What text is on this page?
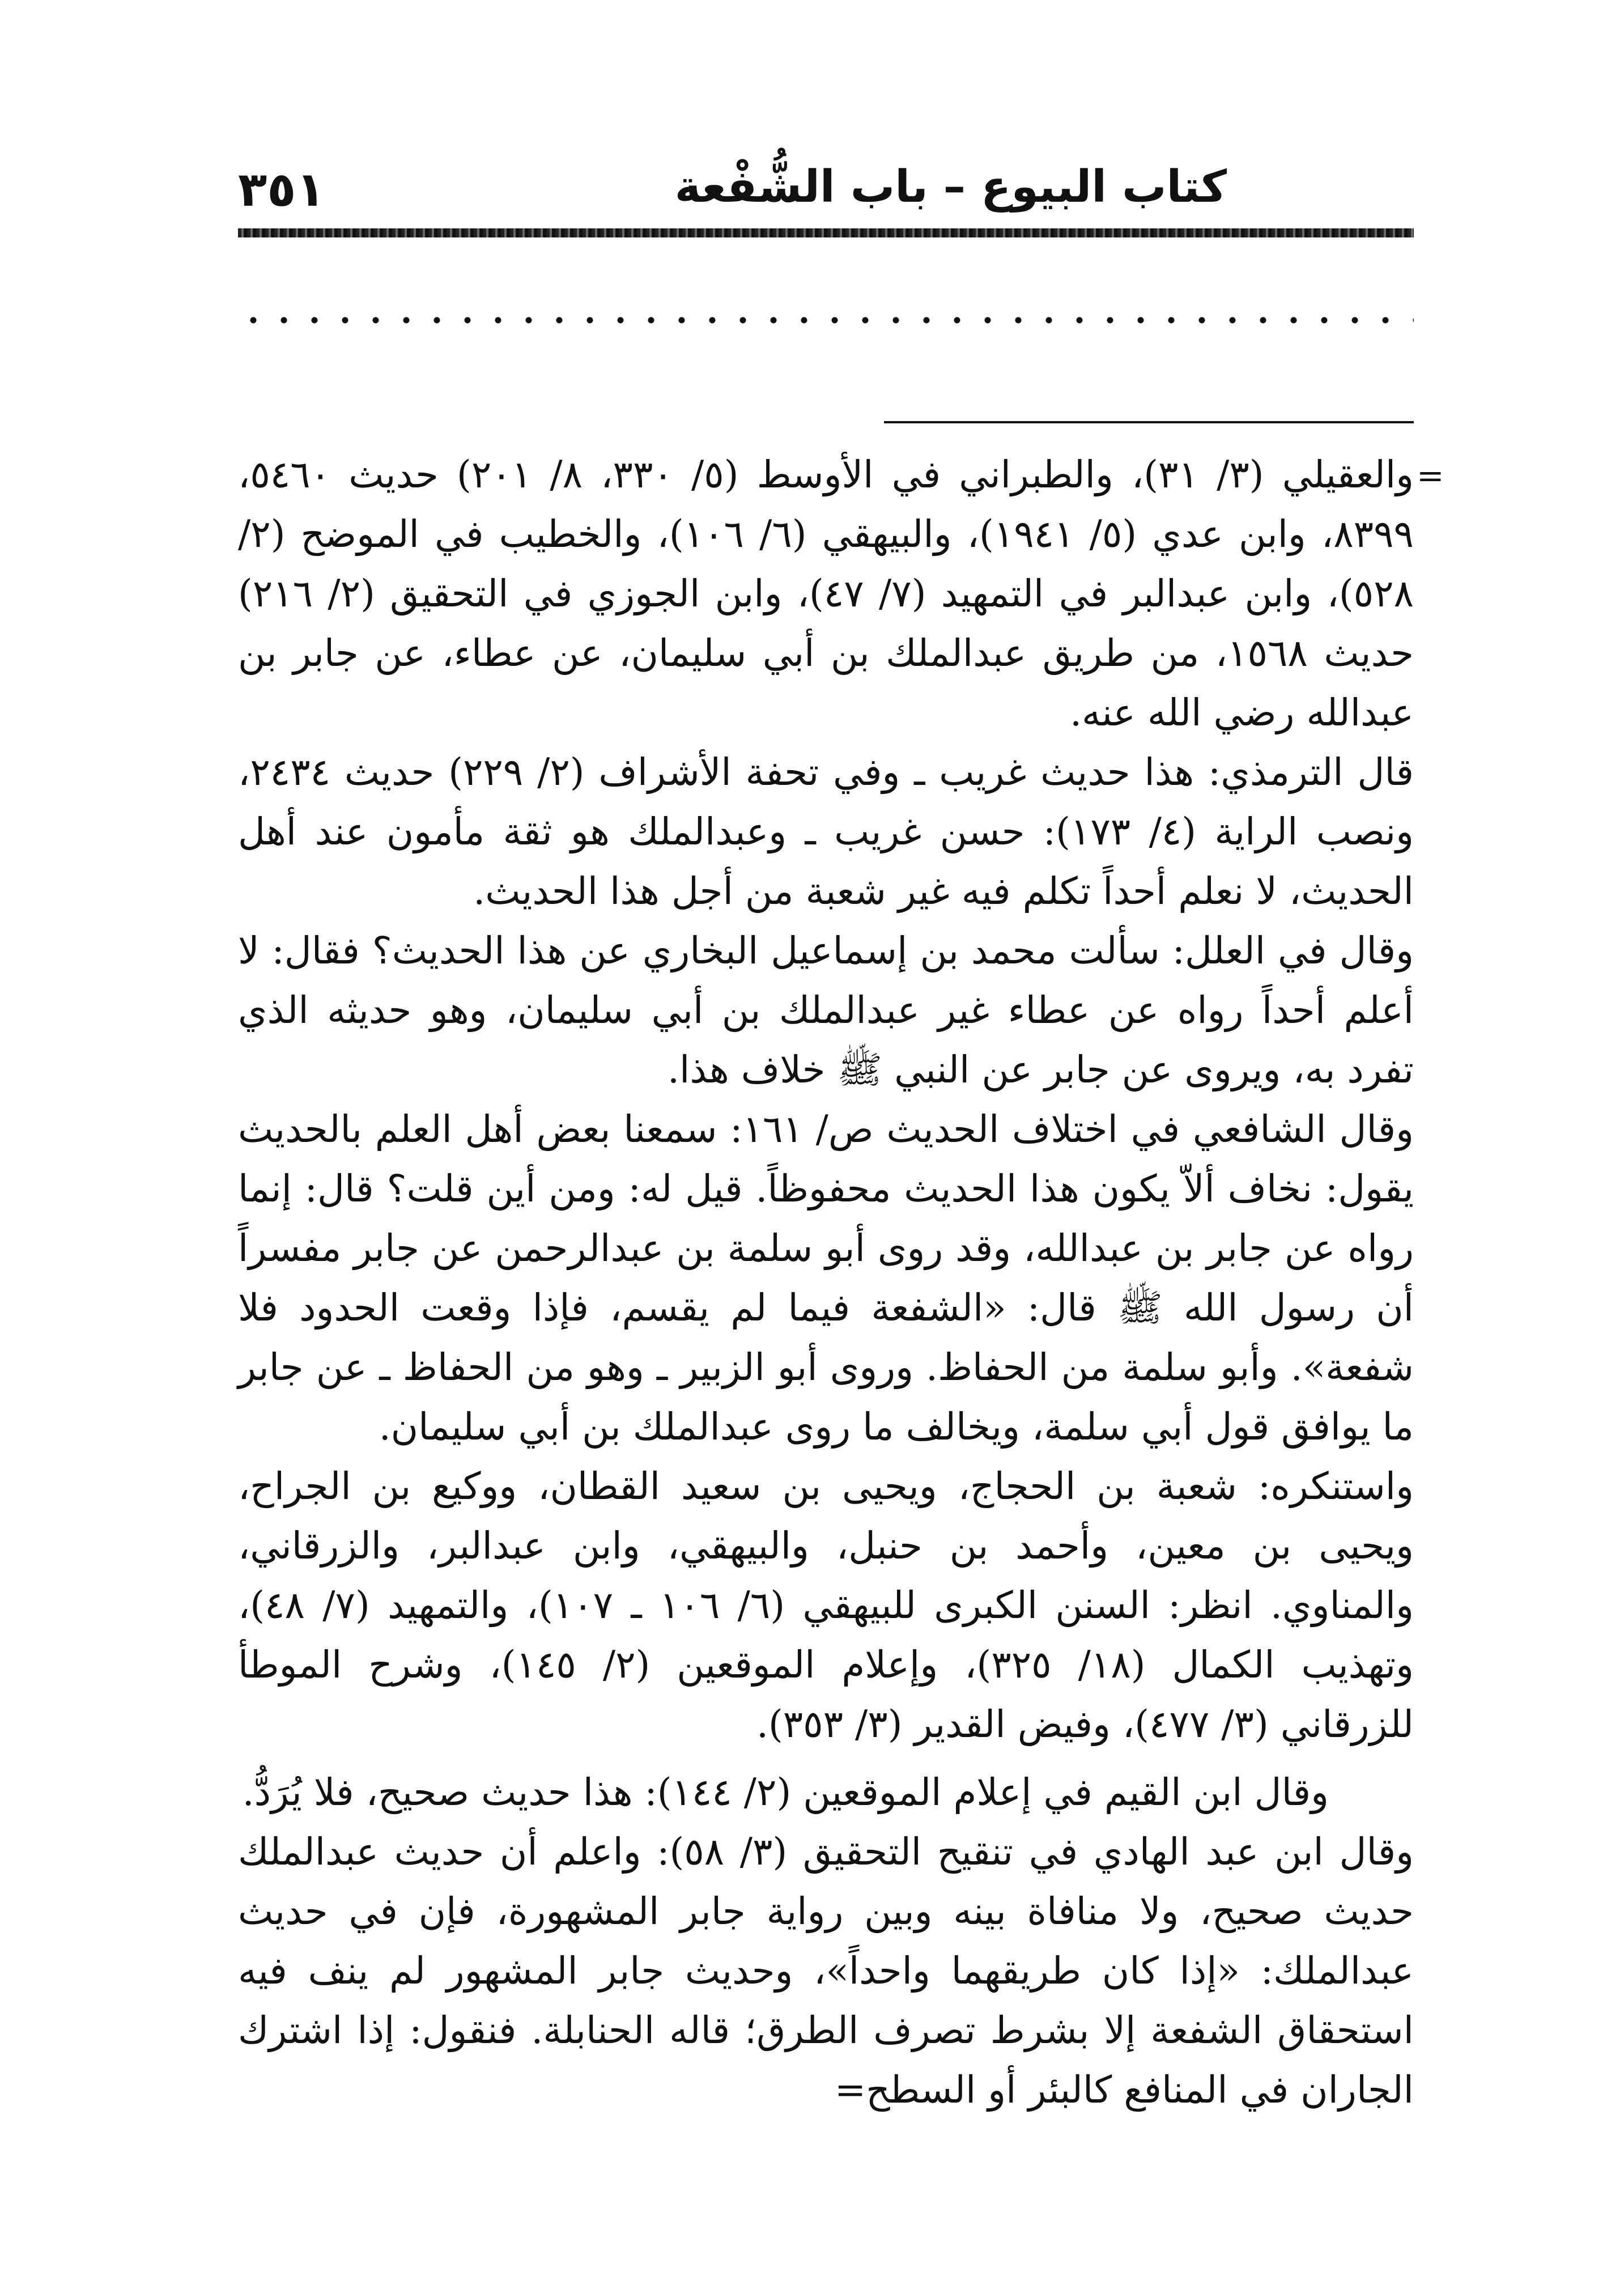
٣٥١	كتاب البيوع – باب الشُّفْعة
=

والعقيلي (٣/ ٣١)، والطبراني في الأوسط (٥/ ٣٣٠، ٨/ ٢٠١) حديث ٥٤٦٠، ٨٣٩٩، وابن عدي (٥/ ١٩٤١)، والبيهقي (٦/ ١٠٦)، والخطيب في الموضح (٢/ ٥٢٨)، وابن عبدالبر في التمهيد (٧/ ٤٧)، وابن الجوزي في التحقيق (٢/ ٢١٦) حديث ١٥٦٨، من طريق عبدالملك بن أبي سليمان، عن عطاء، عن جابر بن عبدالله رضي الله عنه.

قال الترمذي: هذا حديث غريب ـ وفي تحفة الأشراف (٢/ ٢٢٩) حديث ٢٤٣٤، ونصب الراية (٤/ ١٧٣): حسن غريب ـ وعبدالملك هو ثقة مأمون عند أهل الحديث، لا نعلم أحداً تكلم فيه غير شعبة من أجل هذا الحديث.

وقال في العلل: سألت محمد بن إسماعيل البخاري عن هذا الحديث؟ فقال: لا أعلم أحداً رواه عن عطاء غير عبدالملك بن أبي سليمان، وهو حديثه الذي تفرد به، ويروى عن جابر عن النبي ﷺ خلاف هذا.

وقال الشافعي في اختلاف الحديث ص/ ١٦١: سمعنا بعض أهل العلم بالحديث يقول: نخاف ألاّ يكون هذا الحديث محفوظاً. قيل له: ومن أين قلت؟ قال: إنما رواه عن جابر بن عبدالله، وقد روى أبو سلمة بن عبدالرحمن عن جابر مفسراً أن رسول الله ﷺ قال: «الشفعة فيما لم يقسم، فإذا وقعت الحدود فلا شفعة». وأبو سلمة من الحفاظ. وروى أبو الزبير ـ وهو من الحفاظ ـ عن جابر ما يوافق قول أبي سلمة، ويخالف ما روى عبدالملك بن أبي سليمان.

واستنكره: شعبة بن الحجاج، ويحيى بن سعيد القطان، ووكيع بن الجراح، ويحيى بن معين، وأحمد بن حنبل، والبيهقي، وابن عبدالبر، والزرقاني، والمناوي. انظر: السنن الكبرى للبيهقي (٦/ ١٠٦ ـ ١٠٧)، والتمهيد (٧/ ٤٨)، وتهذيب الكمال (١٨/ ٣٢٥)، وإعلام الموقعين (٢/ ١٤٥)، وشرح الموطأ للزرقاني (٣/ ٤٧٧)، وفيض القدير (٣/ ٣٥٣).

وقال ابن القيم في إعلام الموقعين (٢/ ١٤٤): هذا حديث صحيح، فلا يُرَدُّ.

وقال ابن عبد الهادي في تنقيح التحقيق (٣/ ٥٨): واعلم أن حديث عبدالملك حديث صحيح، ولا منافاة بينه وبين رواية جابر المشهورة، فإن في حديث عبدالملك: «إذا كان طريقهما واحداً»، وحديث جابر المشهور لم ينف فيه استحقاق الشفعة إلا بشرط تصرف الطرق؛ قاله الحنابلة. فنقول: إذا اشترك الجاران في المنافع كالبئر أو السطح=
